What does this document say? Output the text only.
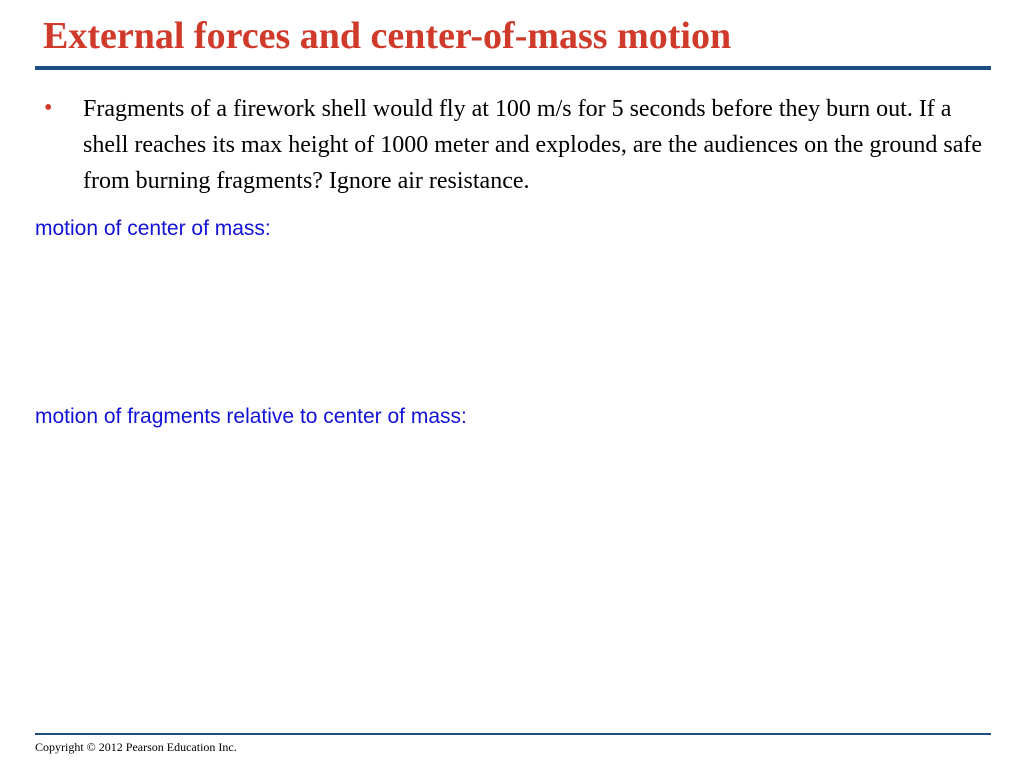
External forces and center-of-mass motion
• Fragments of a firework shell would fly at 100 m/s for 5 seconds before they burn out. If a shell reaches its max height of 1000 meter and explodes, are the audiences on the ground safe from burning fragments? Ignore air resistance.

motion of center of mass:

motion of fragments relative to center of mass:

Copyright © 2012 Pearson Education Inc.
